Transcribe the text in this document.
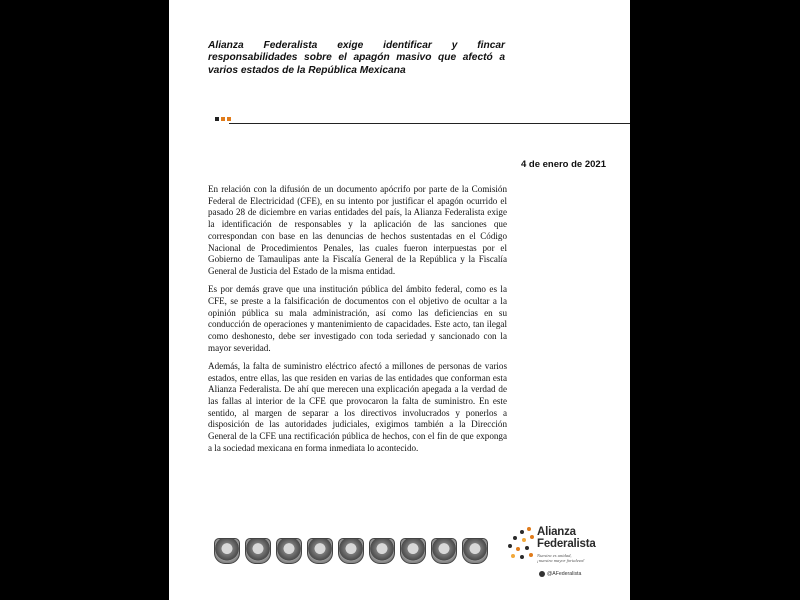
Alianza Federalista exige identificar y fincar responsabilidades sobre el apagón masivo que afectó a varios estados de la República Mexicana

4 de enero de 2021

En relación con la difusión de un documento apócrifo por parte de la Comisión Federal de Electricidad (CFE), en su intento por justificar el apagón ocurrido el pasado 28 de diciembre en varias entidades del país, la Alianza Federalista exige la identificación de responsables y la aplicación de las sanciones que correspondan con base en las denuncias de hechos sustentadas en el Código Nacional de Procedimientos Penales, las cuales fueron interpuestas por el Gobierno de Tamaulipas ante la Fiscalía General de la República y la Fiscalía General de Justicia del Estado de la misma entidad.

Es por demás grave que una institución pública del ámbito federal, como es la CFE, se preste a la falsificación de documentos con el objetivo de ocultar a la opinión pública su mala administración, así como las deficiencias en su conducción de operaciones y mantenimiento de capacidades. Este acto, tan ilegal como deshonesto, debe ser investigado con toda seriedad y sancionado con la mayor severidad.

Además, la falta de suministro eléctrico afectó a millones de personas de varios estados, entre ellas, las que residen en varias de las entidades que conforman esta Alianza Federalista. De ahí que merecen una explicación apegada a la verdad de las fallas al interior de la CFE que provocaron la falta de suministro. En este sentido, al margen de separar a los directivos involucrados y ponerlos a disposición de las autoridades judiciales, exigimos también a la Dirección General de la CFE una rectificación pública de hechos, con el fin de que exponga a la sociedad mexicana en forma inmediata lo acontecido.

Alianza
Federalista

Nuestra es unidad,
¡nuestra mayor fortaleza!

@AFederalista
